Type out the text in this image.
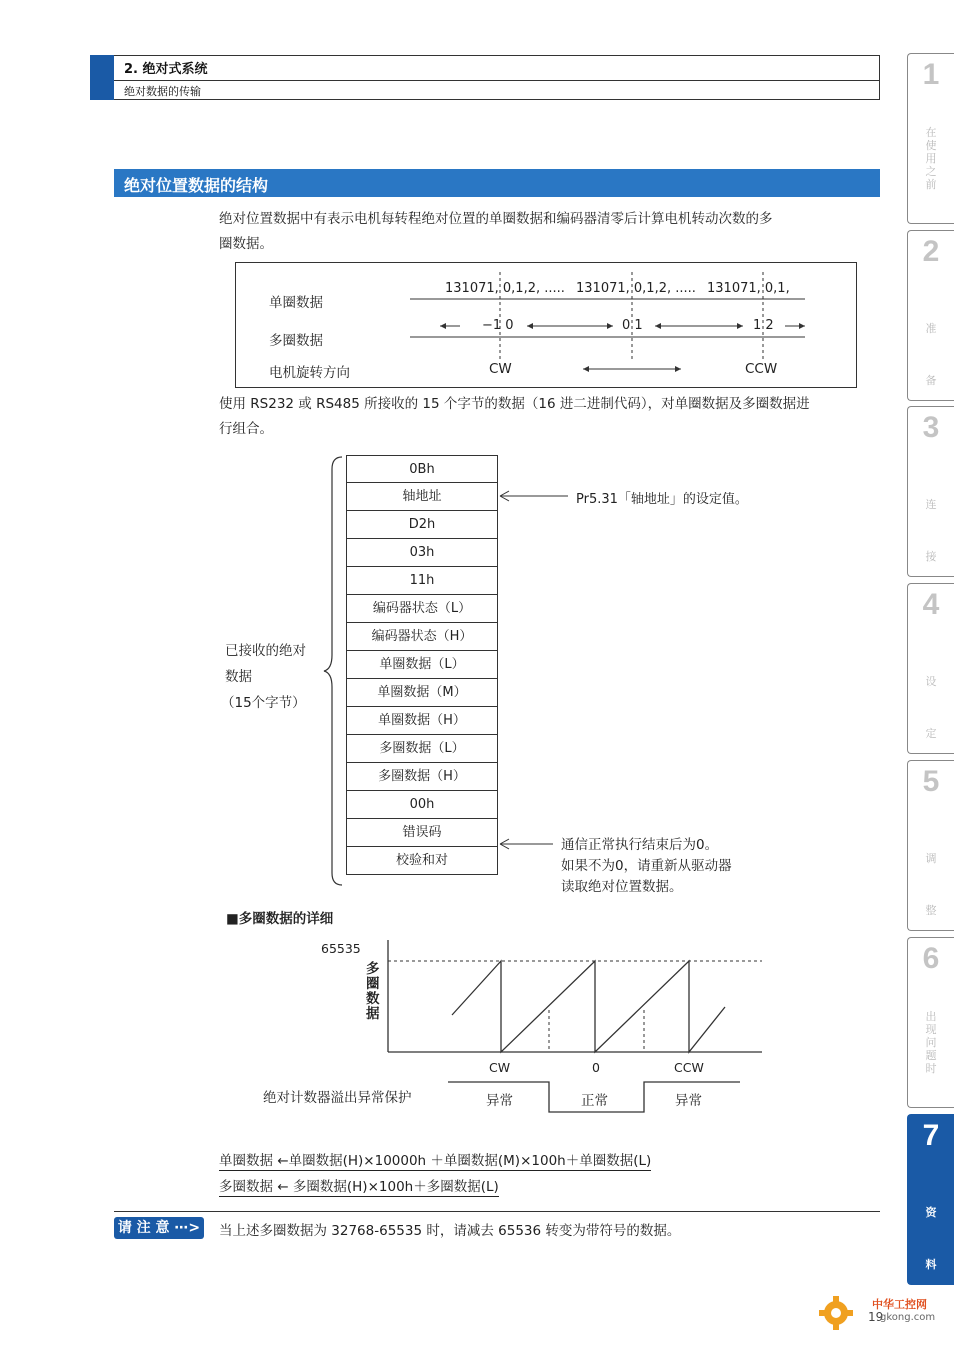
2. 绝对式系统
绝对数据的传输
绝对位置数据的结构
绝对位置数据中有表示电机每转程绝对位置的单圈数据和编码器清零后计算电机转动次数的多
圈数据。
单圈数据
多圈数据
电机旋转方向
131071, 0,1,2, ..... 131071, 0,1,2, ..... 131071, 0,1,
−1 0	0 1	1 2
CW	CCW
使用 RS232 或 RS485 所接收的 15 个字节的数据（16 进二进制代码），对单圈数据及多圈数据进
行组合。
已接收的绝对
数据
（15个字节）
0Bh
轴地址
D2h
03h
11h
编码器状态（L）
编码器状态（H）
单圈数据（L）
单圈数据（M）
单圈数据（H）
多圈数据（L）
多圈数据（H）
00h
错误码
校验和对
Pr5.31「轴地址」的设定值。
通信正常执行结束后为0。
如果不为0，请重新从驱动器
读取绝对位置数据。
■多圈数据的详细
65535
多圈数据
CW	0	CCW
绝对计数器溢出异常保护	异常	正常	异常
单圈数据 ←单圈数据(H)×10000h ＋单圈数据(M)×100h＋单圈数据(L)
多圈数据 ← 多圈数据(H)×100h＋多圈数据(L)
请 注 意 ⋯> 当上述多圈数据为 32768-65535 时，请减去 65536 转变为带符号的数据。
1
在使用之前
2
准备
3
连接
4
设定
5
调整
6
出现问题时
7
资料
19
中华工控网
gkong.com
